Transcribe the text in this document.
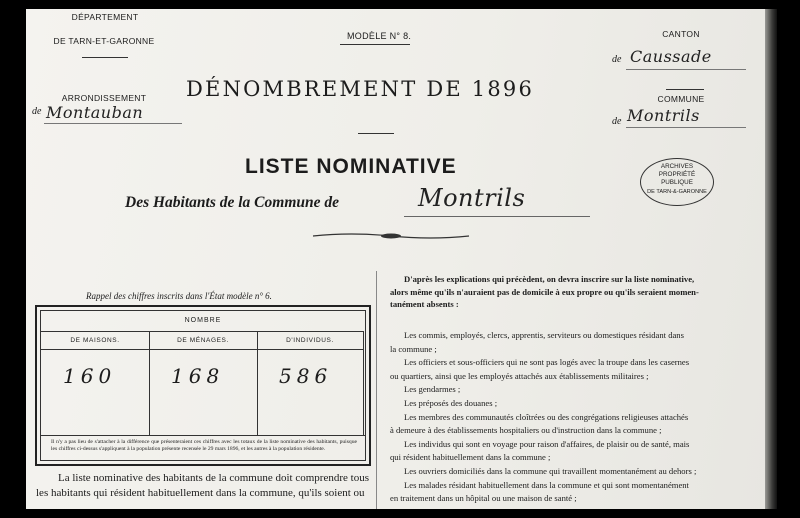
DÉPARTEMENT
DE TARN-ET-GARONNE
ARRONDISSEMENT
de Montauban
MODÈLE N° 8.	CANTON
de Caussade
COMMUNE
de Montrils
DÉNOMBREMENT DE 1896
LISTE NOMINATIVE
Des Habitants de la Commune de	Montrils
ARCHIVES
PROPRIÉTÉ
PUBLIQUE
DE TARN-&-GARONNE
Rappel des chiffres inscrits dans l'État modèle n° 6.
NOMBRE
DE MAISONS.
160
DE MÉNAGES.
168
D'INDIVIDUS.
586
Il n'y a pas lieu de s'attacher à la différence que présenteraient ces chiffres avec les totaux de la liste nominative des habitants, puisque les chiffres ci-dessus s'appliquent à la population présente recensée le 29 mars 1896, et les autres à la population résidente.
La liste nominative des habitants de la commune doit comprendre tous
les habitants qui résident habituellement dans la commune, qu'ils soient ou
D'après les explications qui précèdent, on devra inscrire sur la liste nominative,
alors même qu'ils n'auraient pas de domicile à eux propre ou qu'ils seraient momen-
tanément absents :
Les commis, employés, clercs, apprentis, serviteurs ou domestiques résidant dans
la commune ;
Les officiers et sous-officiers qui ne sont pas logés avec la troupe dans les casernes
ou quartiers, ainsi que les employés attachés aux établissements militaires ;
Les gendarmes ;
Les préposés des douanes ;
Les membres des communautés cloîtrées ou des congrégations religieuses attachés
à demeure à des établissements hospitaliers ou d'instruction dans la commune ;
Les individus qui sont en voyage pour raison d'affaires, de plaisir ou de santé, mais
qui résident habituellement dans la commune ;
Les ouvriers domiciliés dans la commune qui travaillent momentanément au dehors ;
Les malades résidant habituellement dans la commune et qui sont momentanément
en traitement dans un hôpital ou une maison de santé ;
